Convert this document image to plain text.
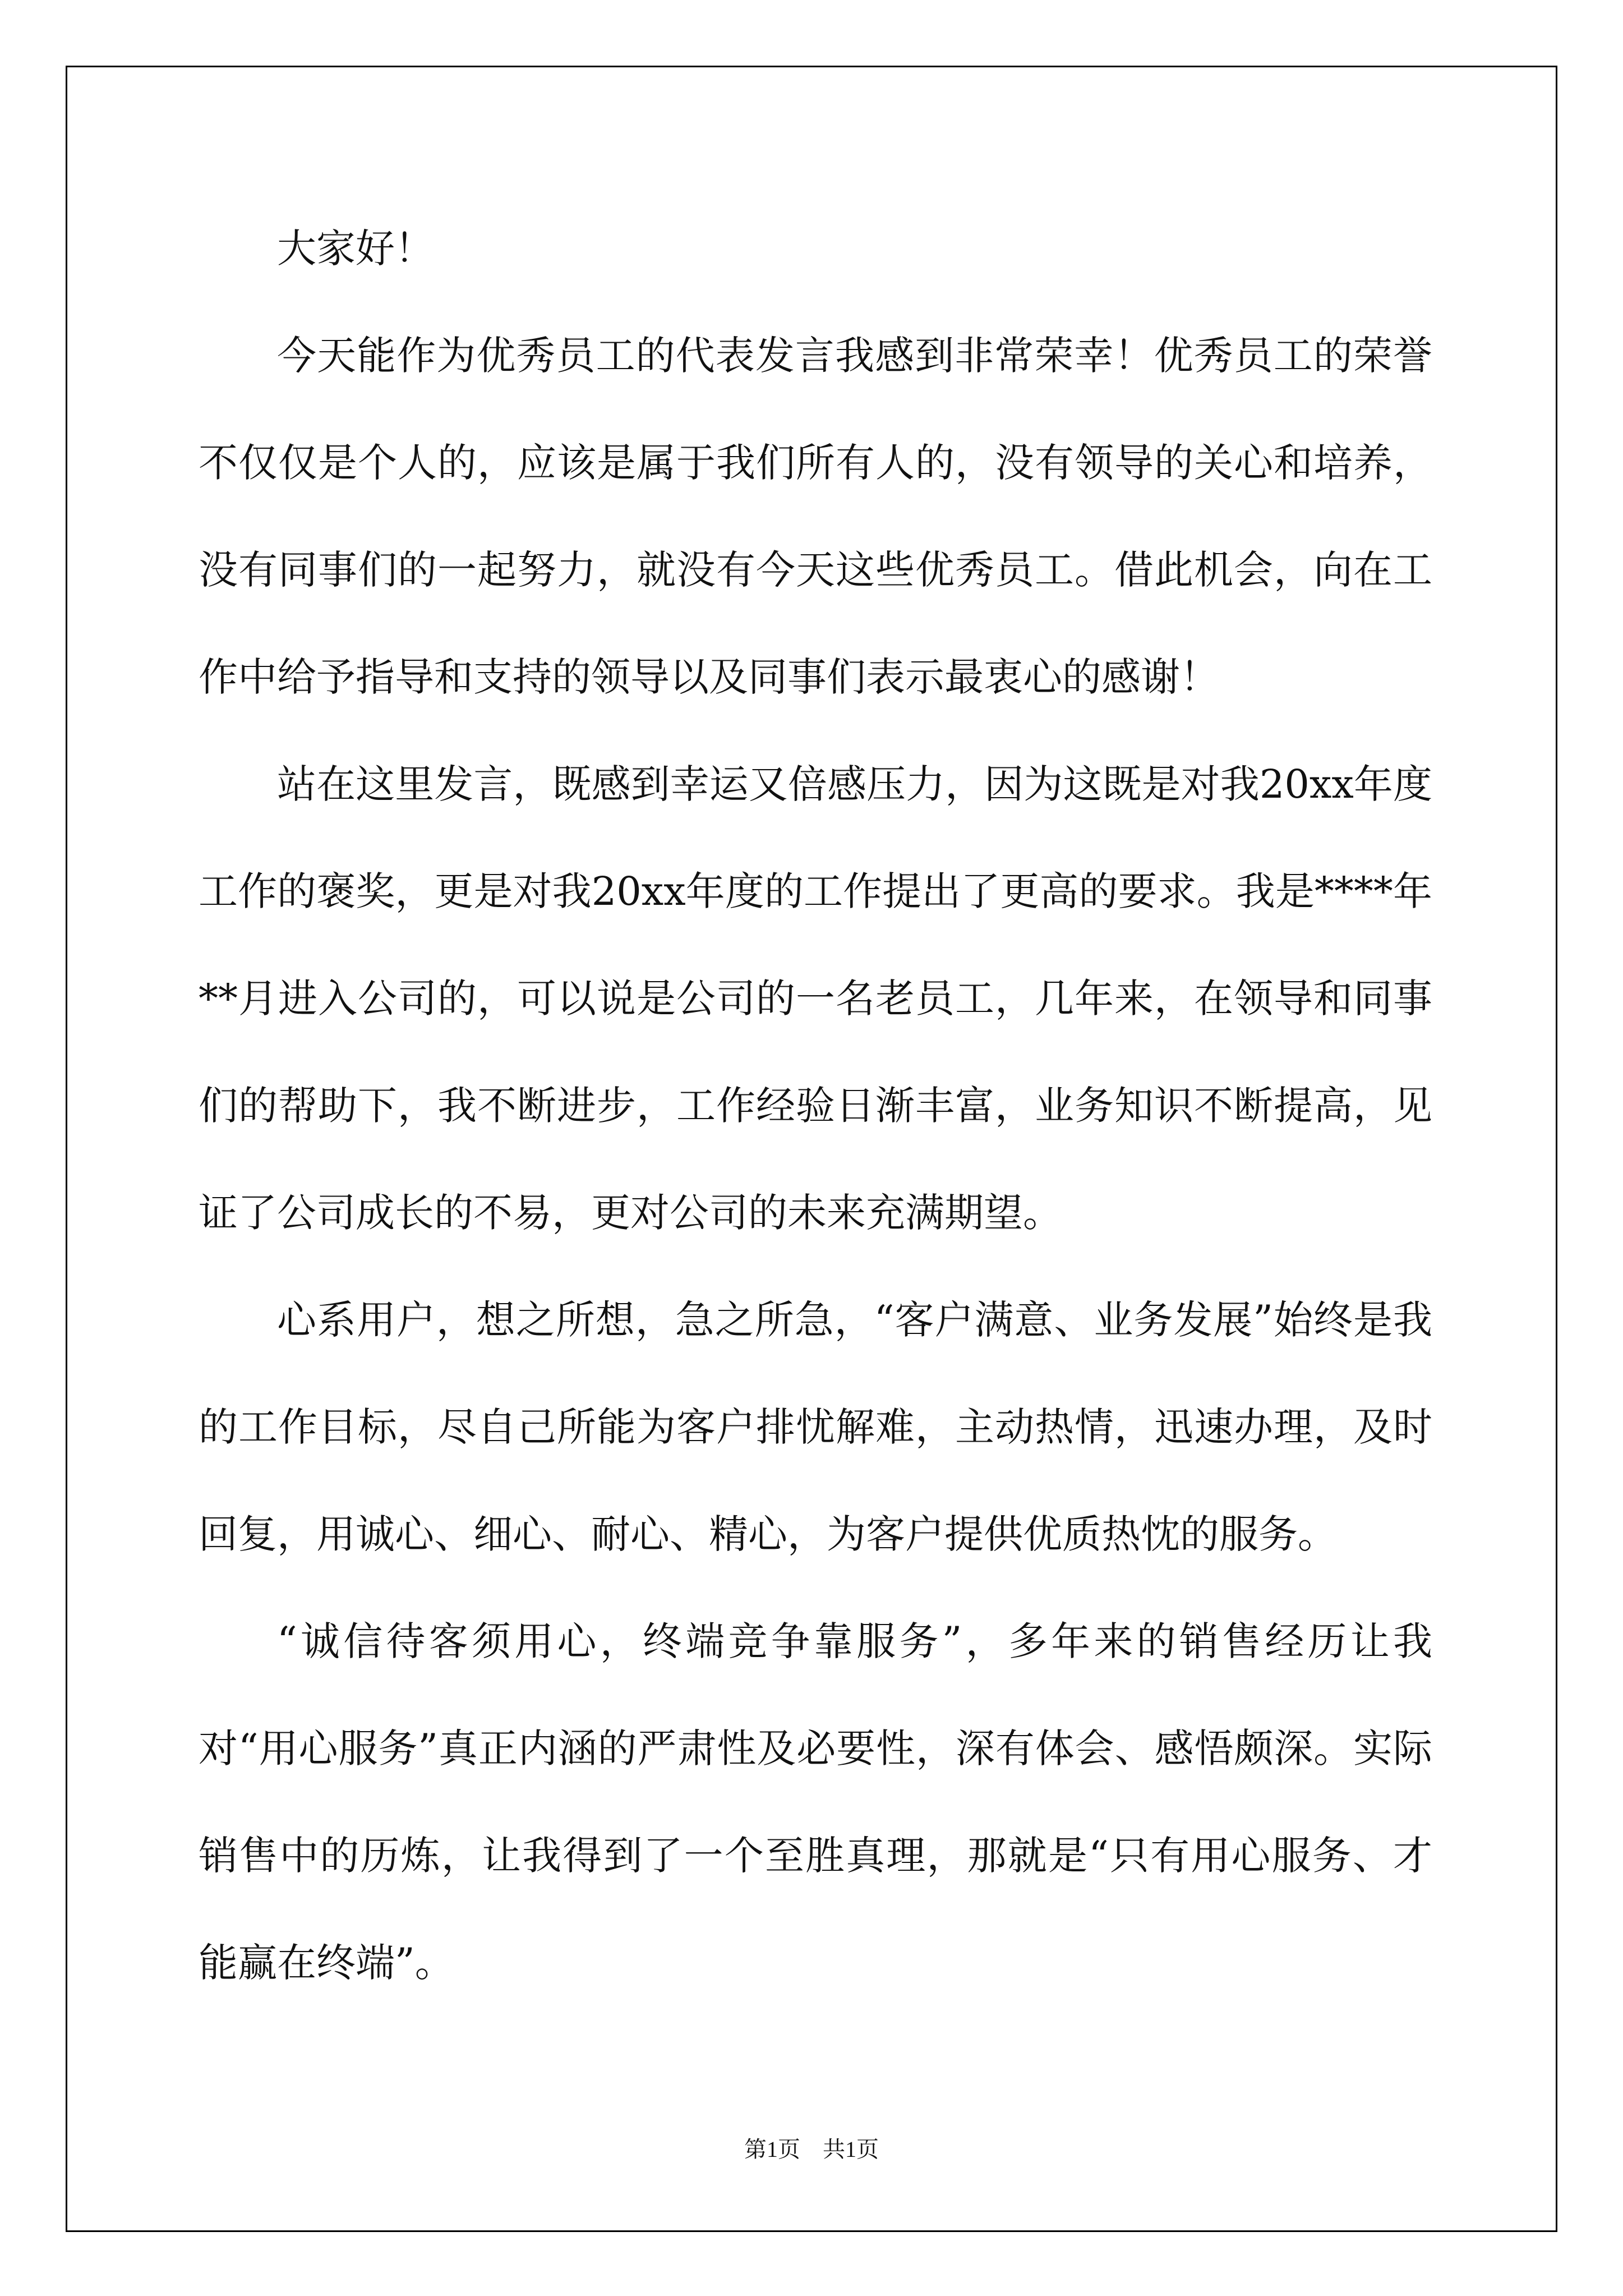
大家好！

今天能作为优秀员工的代表发言我感到非常荣幸！优秀员工的荣誉不仅仅是个人的，应该是属于我们所有人的，没有领导的关心和培养，没有同事们的一起努力，就没有今天这些优秀员工。借此机会，向在工作中给予指导和支持的领导以及同事们表示最衷心的感谢！

站在这里发言，既感到幸运又倍感压力，因为这既是对我20xx年度工作的褒奖，更是对我20xx年度的工作提出了更高的要求。我是****年**月进入公司的，可以说是公司的一名老员工，几年来，在领导和同事们的帮助下，我不断进步，工作经验日渐丰富，业务知识不断提高，见证了公司成长的不易，更对公司的未来充满期望。

心系用户，想之所想，急之所急，“客户满意、业务发展”始终是我的工作目标，尽自己所能为客户排忧解难，主动热情，迅速办理，及时回复，用诚心、细心、耐心、精心，为客户提供优质热忱的服务。

“诚信待客须用心，终端竞争靠服务”，多年来的销售经历让我对“用心服务”真正内涵的严肃性及必要性，深有体会、感悟颇深。实际销售中的历炼，让我得到了一个至胜真理，那就是“只有用心服务、才能赢在终端”。

第1页　共1页
